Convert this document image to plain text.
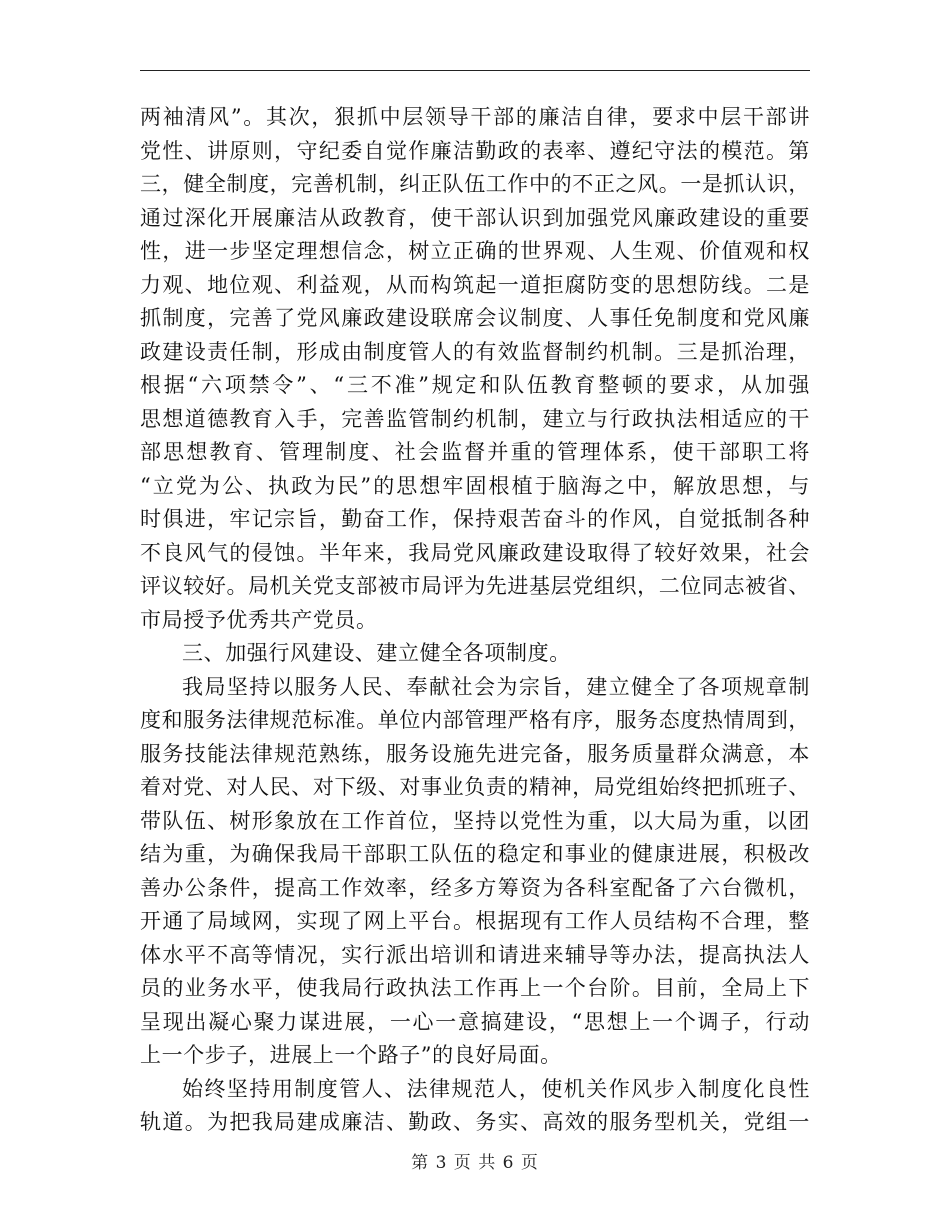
两袖清风”。其次，狠抓中层领导干部的廉洁自律，要求中层干部讲
党性、讲原则，守纪委自觉作廉洁勤政的表率、遵纪守法的模范。第
三，健全制度，完善机制，纠正队伍工作中的不正之风。一是抓认识，
通过深化开展廉洁从政教育，使干部认识到加强党风廉政建设的重要
性，进一步坚定理想信念，树立正确的世界观、人生观、价值观和权
力观、地位观、利益观，从而构筑起一道拒腐防变的思想防线。二是
抓制度，完善了党风廉政建设联席会议制度、人事任免制度和党风廉
政建设责任制，形成由制度管人的有效监督制约机制。三是抓治理，
根据“六项禁令”、“三不准”规定和队伍教育整顿的要求，从加强
思想道德教育入手，完善监管制约机制，建立与行政执法相适应的干
部思想教育、管理制度、社会监督并重的管理体系，使干部职工将
“立党为公、执政为民”的思想牢固根植于脑海之中，解放思想，与
时俱进，牢记宗旨，勤奋工作，保持艰苦奋斗的作风，自觉抵制各种
不良风气的侵蚀。半年来，我局党风廉政建设取得了较好效果，社会
评议较好。局机关党支部被市局评为先进基层党组织，二位同志被省、
市局授予优秀共产党员。
三、加强行风建设、建立健全各项制度。
我局坚持以服务人民、奉献社会为宗旨，建立健全了各项规章制
度和服务法律规范标准。单位内部管理严格有序，服务态度热情周到，
服务技能法律规范熟练，服务设施先进完备，服务质量群众满意，本
着对党、对人民、对下级、对事业负责的精神，局党组始终把抓班子、
带队伍、树形象放在工作首位，坚持以党性为重，以大局为重，以团
结为重，为确保我局干部职工队伍的稳定和事业的健康进展，积极改
善办公条件，提高工作效率，经多方筹资为各科室配备了六台微机，
开通了局域网，实现了网上平台。根据现有工作人员结构不合理，整
体水平不高等情况，实行派出培训和请进来辅导等办法，提高执法人
员的业务水平，使我局行政执法工作再上一个台阶。目前，全局上下
呈现出凝心聚力谋进展，一心一意搞建设，“思想上一个调子，行动
上一个步子，进展上一个路子”的良好局面。
始终坚持用制度管人、法律规范人，使机关作风步入制度化良性
轨道。为把我局建成廉洁、勤政、务实、高效的服务型机关，党组一
第 3 页 共 6 页
